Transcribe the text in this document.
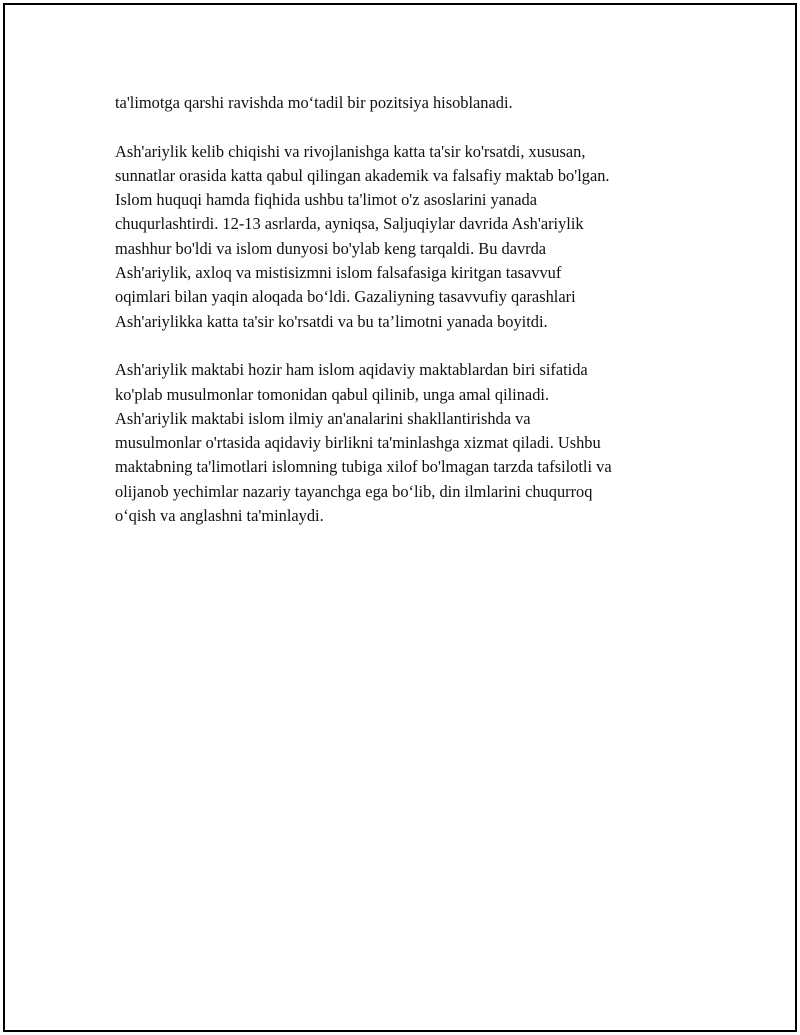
ta'limotga qarshi ravishda mo‘tadil bir pozitsiya hisoblanadi.
Ash'ariylik kelib chiqishi va rivojlanishga katta ta'sir ko'rsatdi, xususan,
sunnatlar orasida katta qabul qilingan akademik va falsafiy maktab bo'lgan.
Islom huquqi hamda fiqhida ushbu ta'limot o'z asoslarini yanada
chuqurlashtirdi. 12-13 asrlarda, ayniqsa, Saljuqiylar davrida Ash'ariylik
mashhur bo'ldi va islom dunyosi bo'ylab keng tarqaldi. Bu davrda
Ash'ariylik, axloq va mistisizmni islom falsafasiga kiritgan tasavvuf
oqimlari bilan yaqin aloqada bo‘ldi. Gazaliyning tasavvufiy qarashlari
Ash'ariylikka katta ta'sir ko'rsatdi va bu ta’limotni yanada boyitdi.
Ash'ariylik maktabi hozir ham islom aqidaviy maktablardan biri sifatida
ko'plab musulmonlar tomonidan qabul qilinib, unga amal qilinadi.
Ash'ariylik maktabi islom ilmiy an'analarini shakllantirishda va
musulmonlar o'rtasida aqidaviy birlikni ta'minlashga xizmat qiladi. Ushbu
maktabning ta'limotlari islomning tubiga xilof bo'lmagan tarzda tafsilotli va
olijanob yechimlar nazariy tayanchga ega bo‘lib, din ilmlarini chuqurroq
o‘qish va anglashni ta'minlaydi.
